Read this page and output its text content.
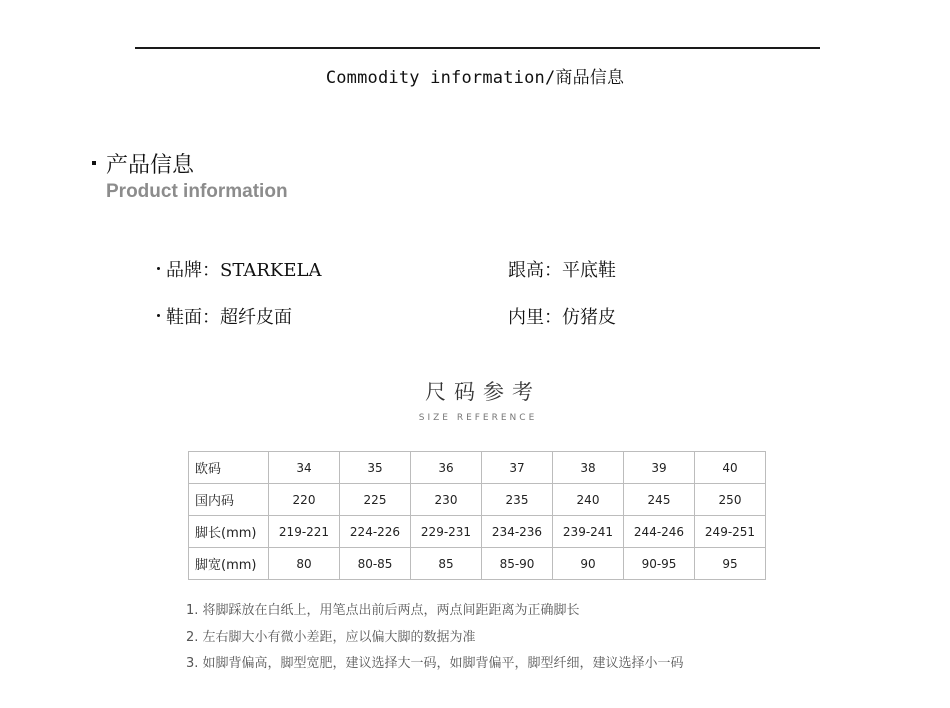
Commodity information/商品信息
产品信息
Product information
品牌：STARKELA	跟高：平底鞋
鞋面：超纤皮面	内里：仿猪皮
尺码参考
SIZE REFERENCE
欧码	34	35	36	37	38	39	40
国内码	220	225	230	235	240	245	250
脚长(mm)	219-221	224-226	229-231	234-236	239-241	244-246	249-251
脚宽(mm)	80	80-85	85	85-90	90	90-95	95
1. 将脚踩放在白纸上，用笔点出前后两点，两点间距距离为正确脚长
2. 左右脚大小有微小差距，应以偏大脚的数据为准
3. 如脚背偏高，脚型宽肥，建议选择大一码，如脚背偏平，脚型纤细，建议选择小一码
